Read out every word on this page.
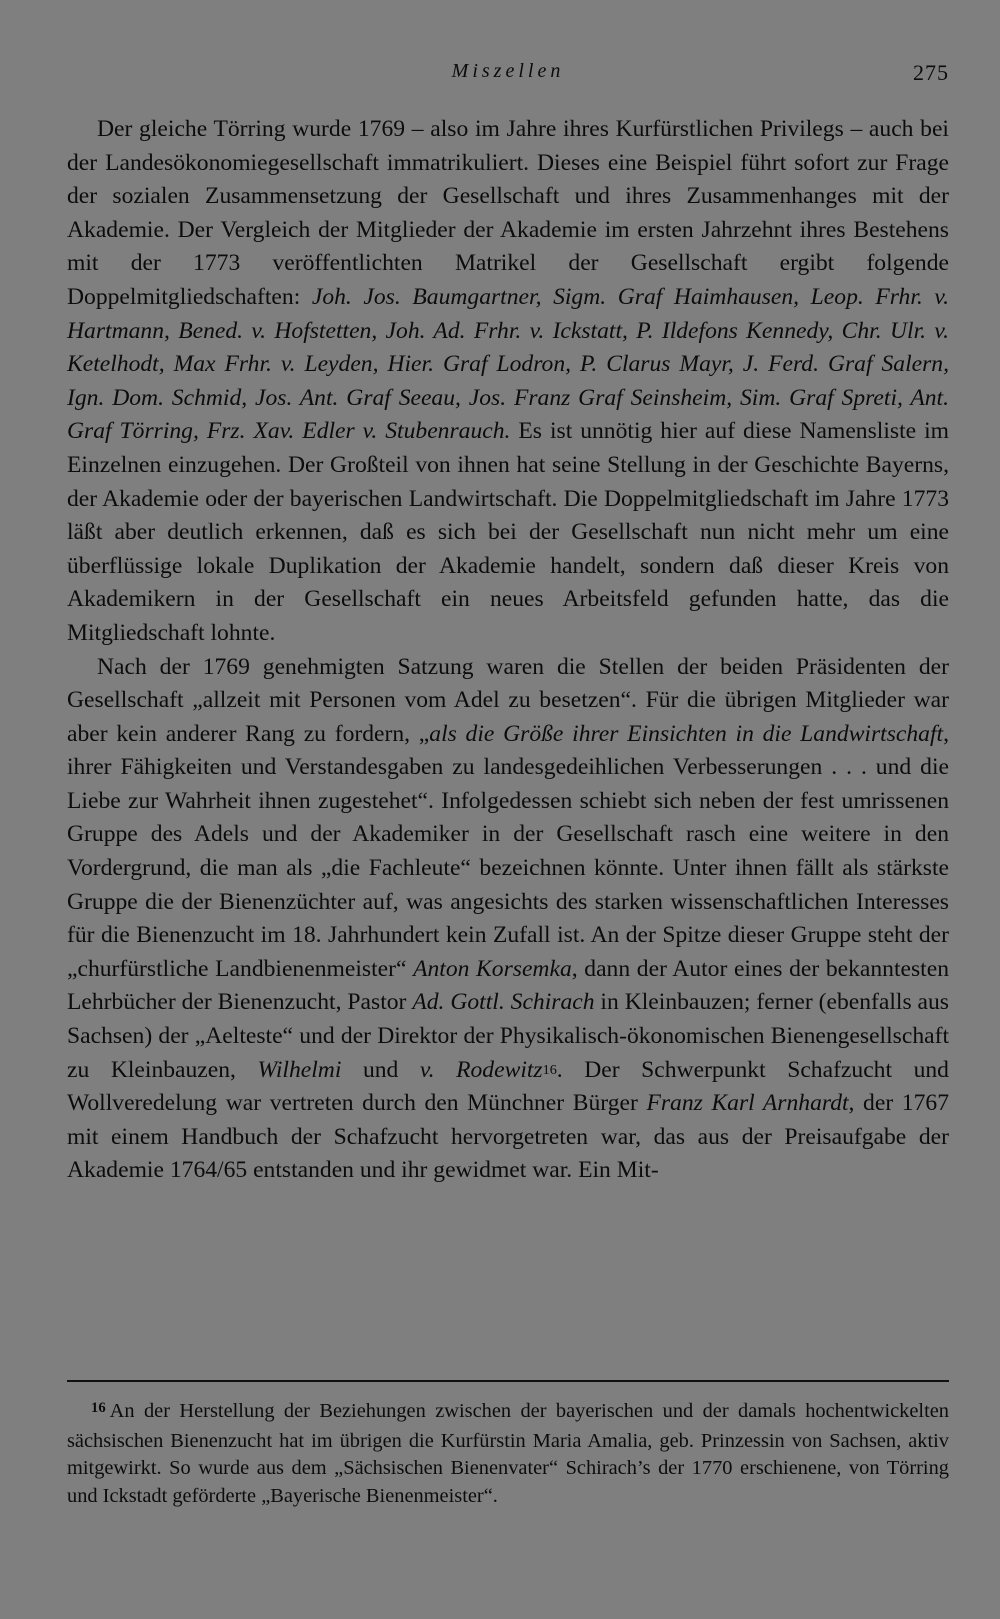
Miszellen	275

Der gleiche Törring wurde 1769 – also im Jahre ihres Kurfürstlichen Privilegs – auch bei der Landesökonomiegesellschaft immatrikuliert. Dieses eine Beispiel führt sofort zur Frage der sozialen Zusammensetzung der Gesellschaft und ihres Zusammenhanges mit der Akademie. Der Vergleich der Mitglieder der Akademie im ersten Jahrzehnt ihres Bestehens mit der 1773 veröffentlichten Matrikel der Gesellschaft ergibt folgende Doppelmitgliedschaften: Joh. Jos. Baumgartner, Sigm. Graf Haimhausen, Leop. Frhr. v. Hartmann, Bened. v. Hofstetten, Joh. Ad. Frhr. v. Ickstatt, P. Ildefons Kennedy, Chr. Ulr. v. Ketelhodt, Max Frhr. v. Leyden, Hier. Graf Lodron, P. Clarus Mayr, J. Ferd. Graf Salern, Ign. Dom. Schmid, Jos. Ant. Graf Seeau, Jos. Franz Graf Seinsheim, Sim. Graf Spreti, Ant. Graf Törring, Frz. Xav. Edler v. Stubenrauch. Es ist unnötig hier auf diese Namensliste im Einzelnen einzugehen. Der Großteil von ihnen hat seine Stellung in der Geschichte Bayerns, der Akademie oder der bayerischen Landwirtschaft. Die Doppelmitgliedschaft im Jahre 1773 läßt aber deutlich erkennen, daß es sich bei der Gesellschaft nun nicht mehr um eine überflüssige lokale Duplikation der Akademie handelt, sondern daß dieser Kreis von Akademikern in der Gesellschaft ein neues Arbeitsfeld gefunden hatte, das die Mitgliedschaft lohnte.

Nach der 1769 genehmigten Satzung waren die Stellen der beiden Präsidenten der Gesellschaft „allzeit mit Personen vom Adel zu besetzen“. Für die übrigen Mitglieder war aber kein anderer Rang zu fordern, „als die Größe ihrer Einsichten in die Landwirtschaft, ihrer Fähigkeiten und Verstandesgaben zu landesgedeihlichen Verbesserungen . . . und die Liebe zur Wahrheit ihnen zugestehet“. Infolgedessen schiebt sich neben der fest umrissenen Gruppe des Adels und der Akademiker in der Gesellschaft rasch eine weitere in den Vordergrund, die man als „die Fachleute“ bezeichnen könnte. Unter ihnen fällt als stärkste Gruppe die der Bienenzüchter auf, was angesichts des starken wissenschaftlichen Interesses für die Bienenzucht im 18. Jahrhundert kein Zufall ist. An der Spitze dieser Gruppe steht der „churfürstliche Landbienenmeister“ Anton Korsemka, dann der Autor eines der bekanntesten Lehrbücher der Bienenzucht, Pastor Ad. Gottl. Schirach in Kleinbauzen; ferner (ebenfalls aus Sachsen) der „Aelteste“ und der Direktor der Physikalisch-ökonomischen Bienengesellschaft zu Kleinbauzen, Wilhelmi und v. Rodewitz$^{16}$. Der Schwerpunkt Schafzucht und Wollveredelung war vertreten durch den Münchner Bürger Franz Karl Arnhardt, der 1767 mit einem Handbuch der Schafzucht hervorgetreten war, das aus der Preisaufgabe der Akademie 1764/65 entstanden und ihr gewidmet war. Ein Mit-

$^{16}$ An der Herstellung der Beziehungen zwischen der bayerischen und der damals hochentwickelten sächsischen Bienenzucht hat im übrigen die Kurfürstin Maria Amalia, geb. Prinzessin von Sachsen, aktiv mitgewirkt. So wurde aus dem „Sächsischen Bienenvater“ Schirach’s der 1770 erschienene, von Törring und Ickstadt geförderte „Bayerische Bienenmeister“.
